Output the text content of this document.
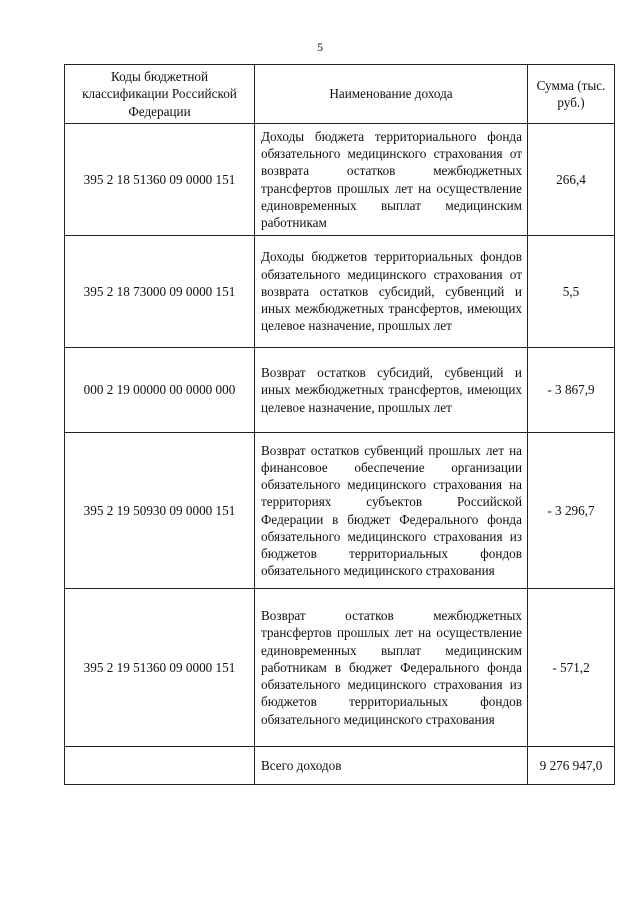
5
Коды бюджетной классификации Российской Федерации	Наименование дохода	Сумма (тыс. руб.)
395 2 18 51360 09 0000 151	Доходы бюджета территориального фонда обязательного медицинского страхования от возврата остатков межбюджетных трансфертов прошлых лет на осуществление единовременных выплат медицинским работникам	266,4
395 2 18 73000 09 0000 151	Доходы бюджетов территориальных фондов обязательного медицинского страхования от возврата остатков субсидий, субвенций и иных межбюджетных трансфертов, имеющих целевое назначение, прошлых лет	5,5
000 2 19 00000 00 0000 000	Возврат остатков субсидий, субвенций и иных межбюджетных трансфертов, имеющих целевое назначение, прошлых лет	- 3 867,9
395 2 19 50930 09 0000 151	Возврат остатков субвенций прошлых лет на финансовое обеспечение организации обязательного медицинского страхования на территориях субъектов Российской Федерации в бюджет Федерального фонда обязательного медицинского страхования из бюджетов территориальных фондов обязательного медицинского страхования	- 3 296,7
395 2 19 51360 09 0000 151	Возврат остатков межбюджетных трансфертов прошлых лет на осуществление единовременных выплат медицинским работникам в бюджет Федерального фонда обязательного медицинского страхования из бюджетов территориальных фондов обязательного медицинского страхования	- 571,2
	Всего доходов	9 276 947,0
